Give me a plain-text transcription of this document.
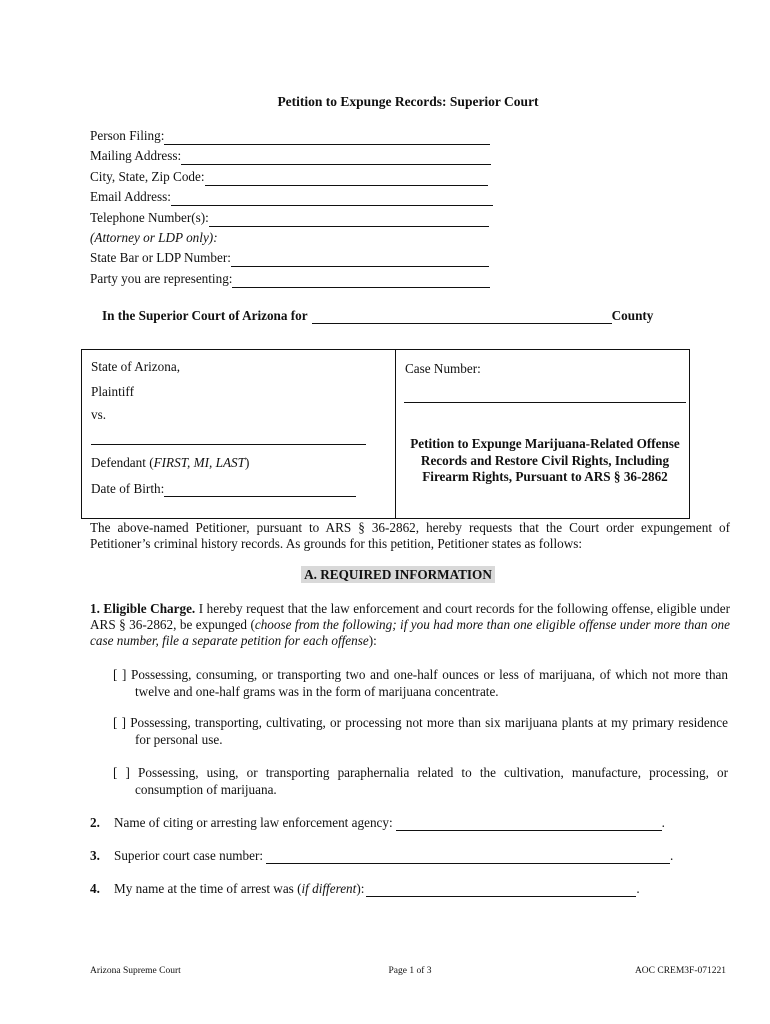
Petition to Expunge Records: Superior Court
Person Filing:
Mailing Address:
City, State, Zip Code:
Email Address:
Telephone Number(s):
(Attorney or LDP only):
State Bar or LDP Number:
Party you are representing:
In the Superior Court of Arizona for	County
State of Arizona,
Plaintiff
vs.
Defendant (FIRST, MI, LAST)
Date of Birth:
Case Number:
Petition to Expunge Marijuana-Related Offense Records and Restore Civil Rights, Including Firearm Rights, Pursuant to ARS § 36-2862
The above-named Petitioner, pursuant to ARS § 36-2862, hereby requests that the Court order expungement of Petitioner’s criminal history records. As grounds for this petition, Petitioner states as follows:
A. REQUIRED INFORMATION
1. Eligible Charge. I hereby request that the law enforcement and court records for the following offense, eligible under ARS § 36-2862, be expunged (choose from the following; if you had more than one eligible offense under more than one case number, file a separate petition for each offense):
[ ] Possessing, consuming, or transporting two and one-half ounces or less of marijuana, of which not more than twelve and one-half grams was in the form of marijuana concentrate.
[ ] Possessing, transporting, cultivating, or processing not more than six marijuana plants at my primary residence for personal use.
[ ] Possessing, using, or transporting paraphernalia related to the cultivation, manufacture, processing, or consumption of marijuana.
2.	Name of citing or arresting law enforcement agency:	.
3.	Superior court case number:	.
4.	My name at the time of arrest was ( if different ):	.
Arizona Supreme Court	Page 1 of 3	AOC CREM3F-071221
